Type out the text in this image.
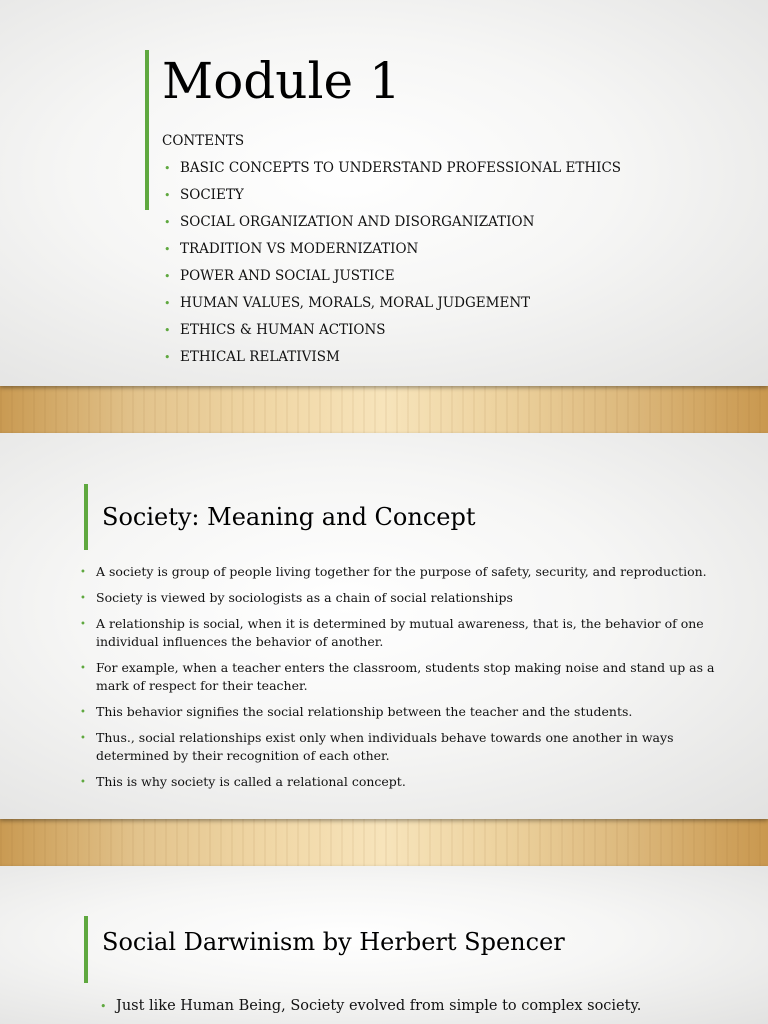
Module 1

CONTENTS

• BASIC CONCEPTS TO UNDERSTAND PROFESSIONAL ETHICS
• SOCIETY
• SOCIAL ORGANIZATION AND DISORGANIZATION
• TRADITION VS MODERNIZATION
• POWER AND SOCIAL JUSTICE
• HUMAN VALUES, MORALS, MORAL JUDGEMENT
• ETHICS & HUMAN ACTIONS
• ETHICAL RELATIVISM
Society: Meaning and Concept
• A society is group of people living together for the purpose of safety, security, and reproduction.
• Society is viewed by sociologists as a chain of social relationships
• A relationship is social, when it is determined by mutual awareness, that is, the behavior of one individual influences the behavior of another.
• For example, when a teacher enters the classroom, students stop making noise and stand up as a mark of respect for their teacher.
• This behavior signifies the social relationship between the teacher and the students.
• Thus., social relationships exist only when individuals behave towards one another in ways determined by their recognition of each other.
• This is why society is called a relational concept.
Social Darwinism by Herbert Spencer
• Just like Human Being, Society evolved from simple to complex society.
